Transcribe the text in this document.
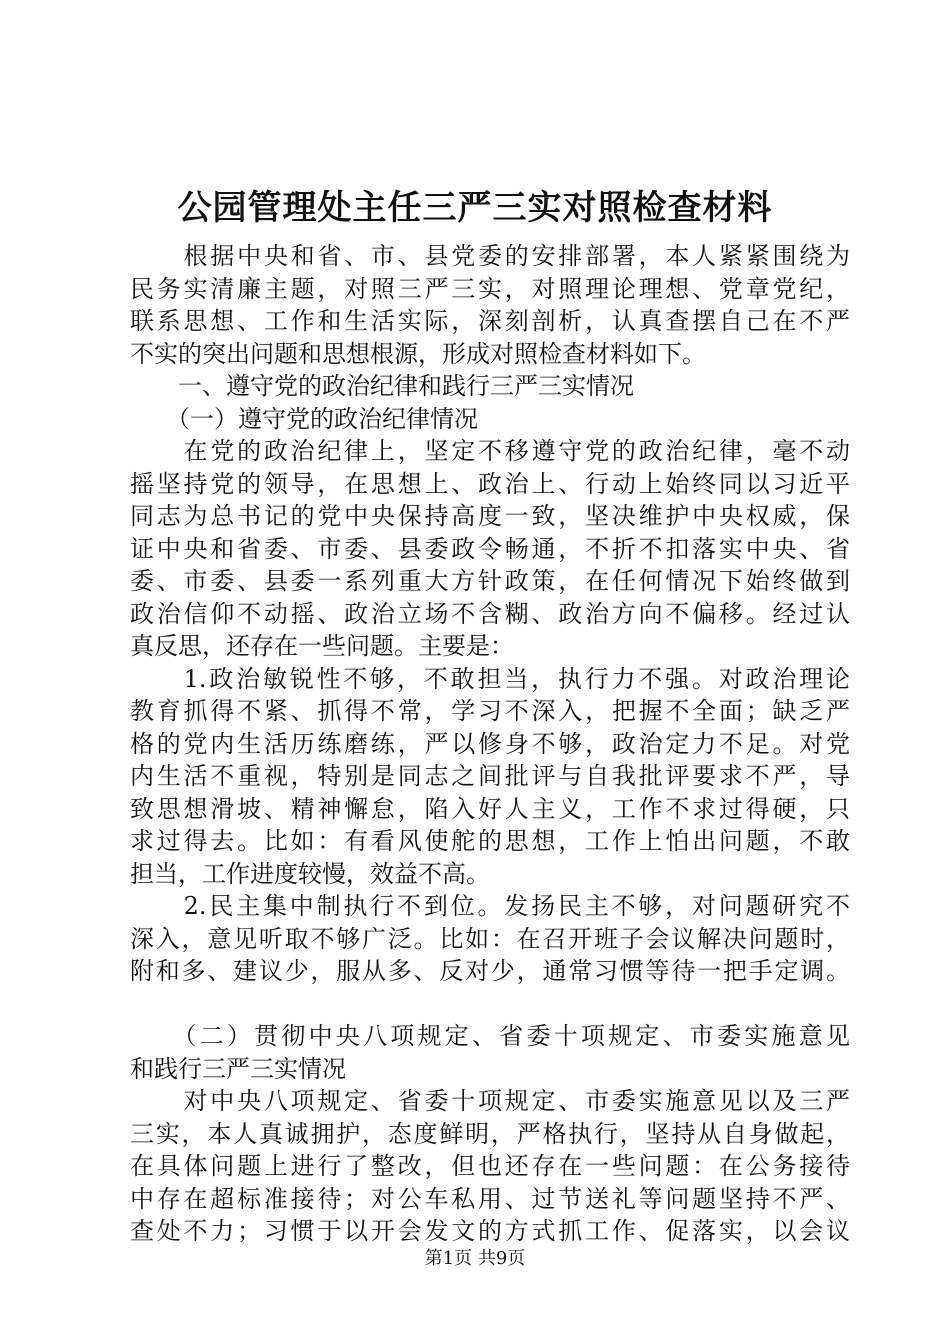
公园管理处主任三严三实对照检查材料
　　根据中央和省、市、县党委的安排部署，本人紧紧围绕为
民务实清廉主题，对照三严三实，对照理论理想、党章党纪，
联系思想、工作和生活实际，深刻剖析，认真查摆自己在不严
不实的突出问题和思想根源，形成对照检查材料如下。
　　一、遵守党的政治纪律和践行三严三实情况
　　（一）遵守党的政治纪律情况
　　在党的政治纪律上，坚定不移遵守党的政治纪律，毫不动
摇坚持党的领导，在思想上、政治上、行动上始终同以习近平
同志为总书记的党中央保持高度一致，坚决维护中央权威，保
证中央和省委、市委、县委政令畅通，不折不扣落实中央、省
委、市委、县委一系列重大方针政策，在任何情况下始终做到
政治信仰不动摇、政治立场不含糊、政治方向不偏移。经过认
真反思，还存在一些问题。主要是：
　　1.政治敏锐性不够，不敢担当，执行力不强。对政治理论
教育抓得不紧、抓得不常，学习不深入，把握不全面；缺乏严
格的党内生活历练磨练，严以修身不够，政治定力不足。对党
内生活不重视，特别是同志之间批评与自我批评要求不严，导
致思想滑坡、精神懈怠，陷入好人主义，工作不求过得硬，只
求过得去。比如：有看风使舵的思想，工作上怕出问题，不敢
担当，工作进度较慢，效益不高。
　　2.民主集中制执行不到位。发扬民主不够，对问题研究不
深入，意见听取不够广泛。比如：在召开班子会议解决问题时，
附和多、建议少，服从多、反对少，通常习惯等待一把手定调。
　　（二）贯彻中央八项规定、省委十项规定、市委实施意见
和践行三严三实情况
　　对中央八项规定、省委十项规定、市委实施意见以及三严
三实，本人真诚拥护，态度鲜明，严格执行，坚持从自身做起，
在具体问题上进行了整改，但也还存在一些问题：在公务接待
中存在超标准接待；对公车私用、过节送礼等问题坚持不严、
查处不力；习惯于以开会发文的方式抓工作、促落实，以会议
第1页 共9页
